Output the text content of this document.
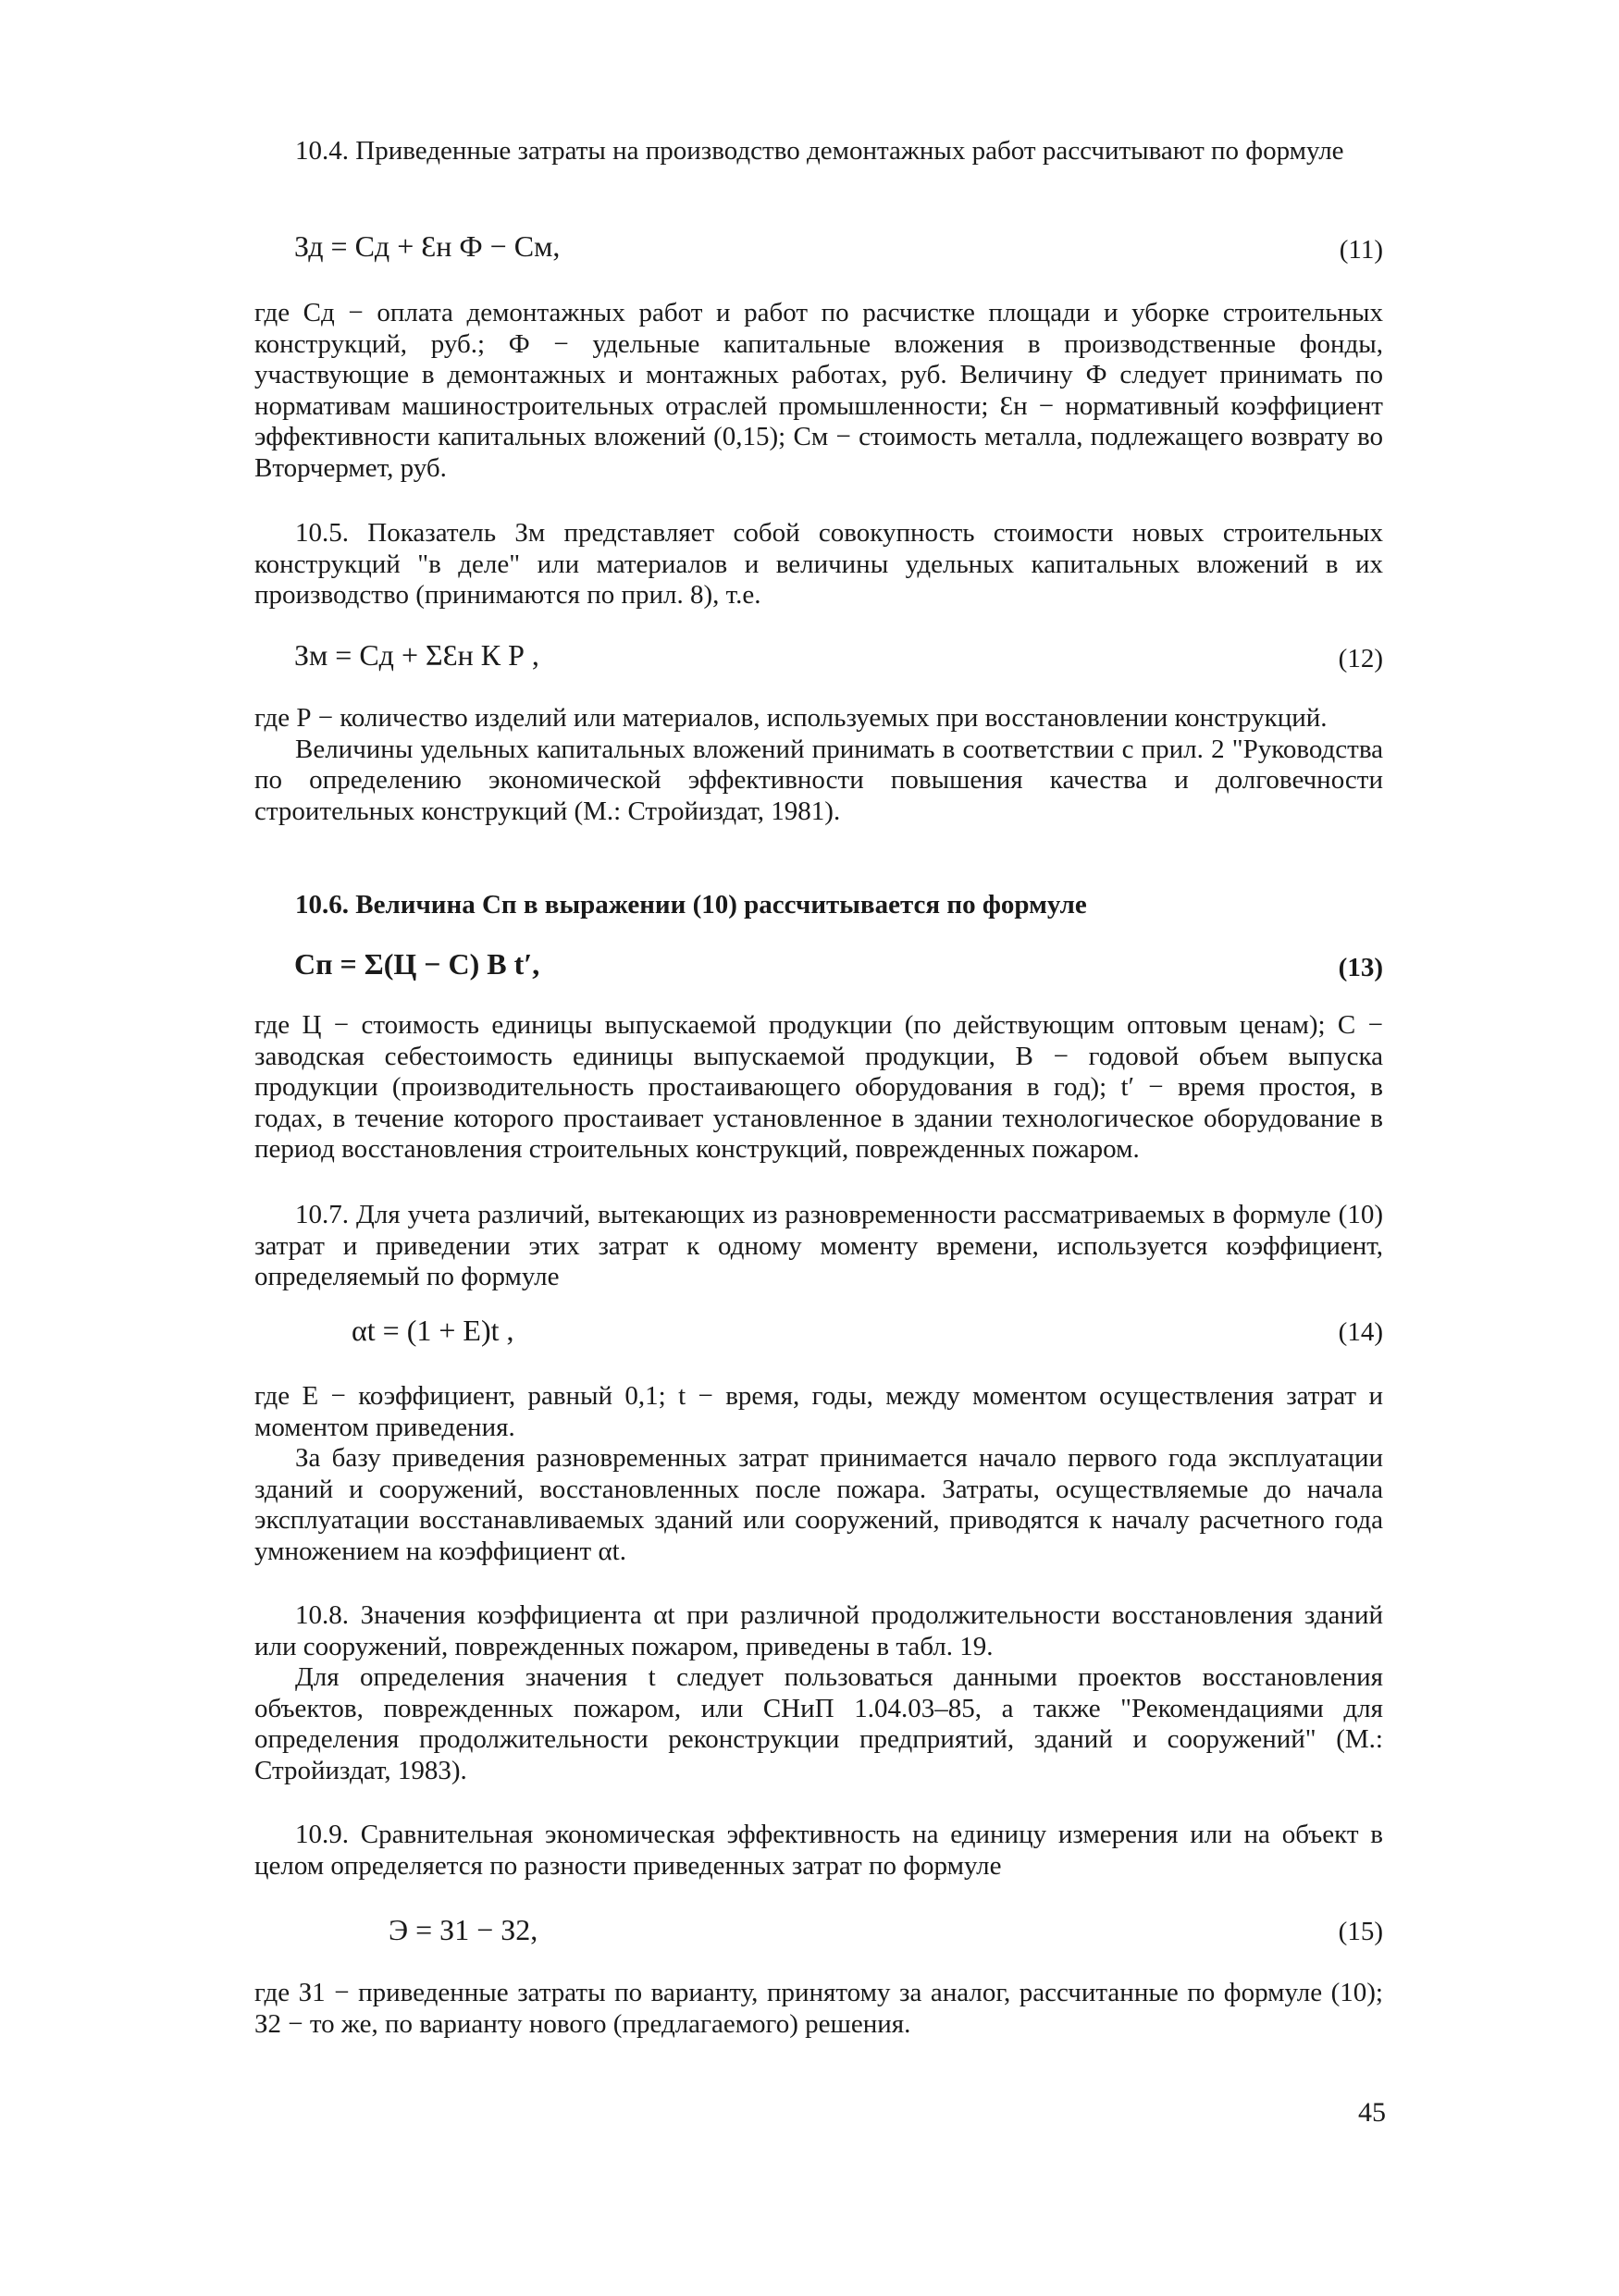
10.4. Приведенные затраты на производство демонтажных работ рассчитывают по формуле

Зд = Сд + Ɛн Ф − См,	(11)

где Сд − оплата демонтажных работ и работ по расчистке площади и уборке строительных конструкций, руб.; Ф − удельные капитальные вложения в производственные фонды, участвующие в демонтажных и монтажных работах, руб. Величину Ф следует принимать по нормативам машиностроительных отраслей промышленности; Ɛн − нормативный коэффициент эффективности капитальных вложений (0,15); См − стоимость металла, подлежащего возврату во Вторчермет, руб.

10.5. Показатель Зм представляет собой совокупность стоимости новых строительных конструкций "в деле" или материалов и величины удельных капитальных вложений в их производство (принимаются по прил. 8), т.е.

Зм = Сд + ΣƐн К Р ,	(12)

где Р − количество изделий или материалов, используемых при восстановлении конструкций.

Величины удельных капитальных вложений принимать в соответствии с прил. 2 "Руководства по определению экономической эффективности повышения качества и долговечности строительных конструкций (М.: Стройиздат, 1981).

10.6. Величина Сп в выражении (10) рассчитывается по формуле

Сп = Σ(Ц − С) В t′,	(13)

где Ц − стоимость единицы выпускаемой продукции (по действующим оптовым ценам); С − заводская себестоимость единицы выпускаемой продукции, В − годовой объем выпуска продукции (производительность простаивающего оборудования в год); t′ − время простоя, в годах, в течение которого простаивает установленное в здании технологическое оборудование в период восстановления строительных конструкций, поврежденных пожаром.

10.7. Для учета различий, вытекающих из разновременности рассматриваемых в формуле (10) затрат и приведении этих затрат к одному моменту времени, используется коэффициент, определяемый по формуле

αt = (1 + Е)t ,	(14)

где Е − коэффициент, равный 0,1; t − время, годы, между моментом осуществления затрат и моментом приведения.

За базу приведения разновременных затрат принимается начало первого года эксплуатации зданий и сооружений, восстановленных после пожара. Затраты, осуществляемые до начала эксплуатации восстанавливаемых зданий или сооружений, приводятся к началу расчетного года умножением на коэффициент αt.

10.8. Значения коэффициента αt при различной продолжительности восстановления зданий или сооружений, поврежденных пожаром, приведены в табл. 19.

Для определения значения t следует пользоваться данными проектов восстановления объектов, поврежденных пожаром, или СНиП 1.04.03–85, а также "Рекомендациями для определения продолжительности реконструкции предприятий, зданий и сооружений" (М.: Стройиздат, 1983).

10.9. Сравнительная экономическая эффективность на единицу измерения или на объект в целом определяется по разности приведенных затрат по формуле

Э = З1 − З2,	(15)

где З1 − приведенные затраты по варианту, принятому за аналог, рассчитанные по формуле (10); З2 − то же, по варианту нового (предлагаемого) решения.

45
